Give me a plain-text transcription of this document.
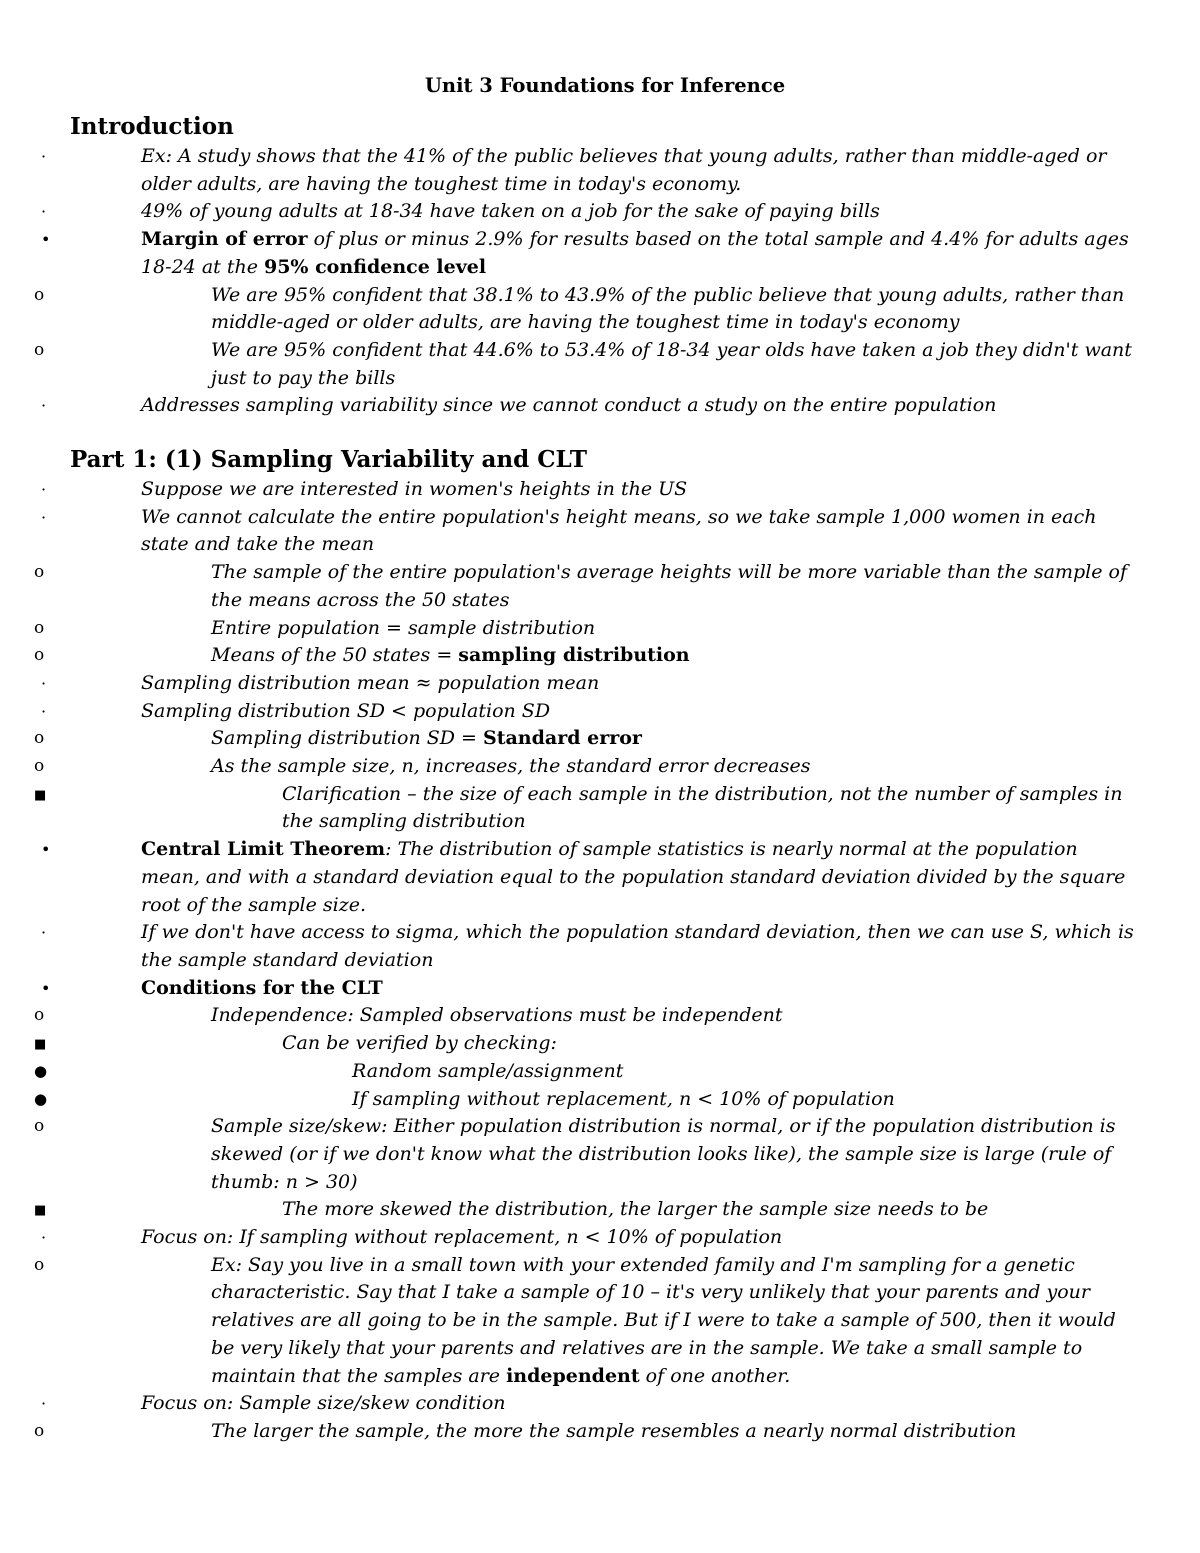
Unit 3 Foundations for Inference
Introduction
·	Ex: A study shows that the 41% of the public believes that young adults, rather than middle-aged or older adults, are having the toughest time in today's economy.
·	49% of young adults at 18-34 have taken on a job for the sake of paying bills
•	Margin of error of plus or minus 2.9% for results based on the total sample and 4.4% for adults ages 18-24 at the 95% confidence level
o	We are 95% confident that 38.1% to 43.9% of the public believe that young adults, rather than middle-aged or older adults, are having the toughest time in today's economy
o	We are 95% confident that 44.6% to 53.4% of 18-34 year olds have taken a job they didn't want just to pay the bills
·	Addresses sampling variability since we cannot conduct a study on the entire population
Part 1: (1) Sampling Variability and CLT
·	Suppose we are interested in women's heights in the US
·	We cannot calculate the entire population's height means, so we take sample 1,000 women in each state and take the mean
o	The sample of the entire population's average heights will be more variable than the sample of the means across the 50 states
o	Entire population = sample distribution
o	Means of the 50 states = sampling distribution
·	Sampling distribution mean ≈ population mean
·	Sampling distribution SD < population SD
o	Sampling distribution SD = Standard error
o	As the sample size, n, increases, the standard error decreases
■	Clarification – the size of each sample in the distribution, not the number of samples in the sampling distribution
•	Central Limit Theorem: The distribution of sample statistics is nearly normal at the population mean, and with a standard deviation equal to the population standard deviation divided by the square root of the sample size.
·	If we don't have access to sigma, which the population standard deviation, then we can use S, which is the sample standard deviation
•	Conditions for the CLT
o	Independence: Sampled observations must be independent
■	Can be verified by checking:
●	Random sample/assignment
●	If sampling without replacement, n < 10% of population
o	Sample size/skew: Either population distribution is normal, or if the population distribution is skewed (or if we don't know what the distribution looks like), the sample size is large (rule of thumb: n > 30)
■	The more skewed the distribution, the larger the sample size needs to be
·	Focus on: If sampling without replacement, n < 10% of population
o	Ex: Say you live in a small town with your extended family and I'm sampling for a genetic characteristic. Say that I take a sample of 10 – it's very unlikely that your parents and your relatives are all going to be in the sample. But if I were to take a sample of 500, then it would be very likely that your parents and relatives are in the sample. We take a small sample to maintain that the samples are independent of one another.
·	Focus on: Sample size/skew condition
o	The larger the sample, the more the sample resembles a nearly normal distribution
